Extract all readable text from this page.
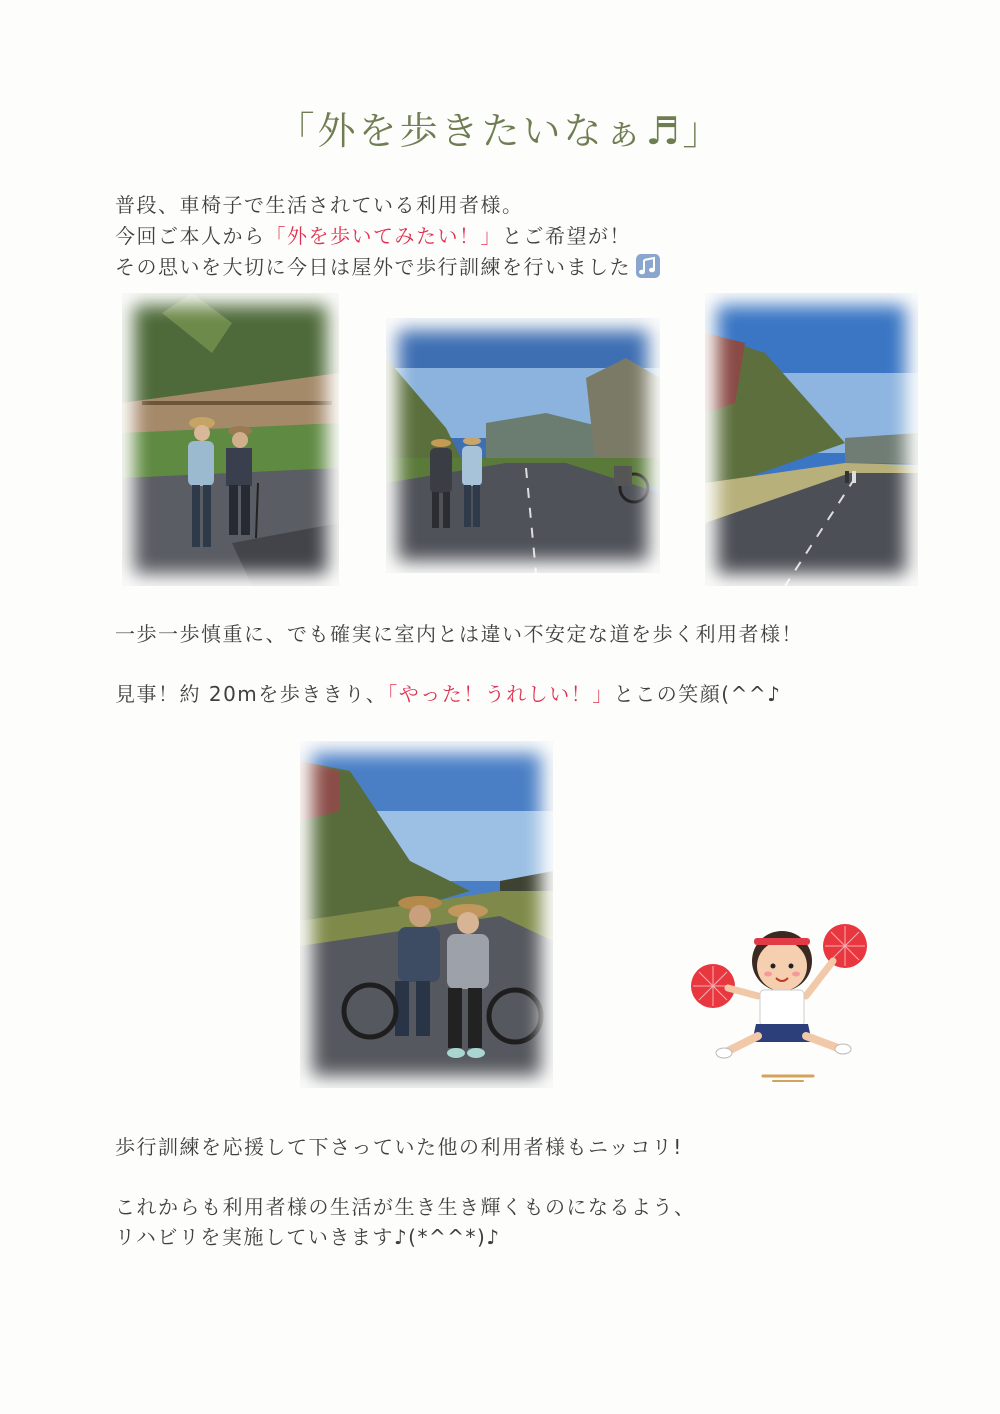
「外を歩きたいなぁ♬」
普段、車椅子で生活されている利用者様。
今回ご本人から「外を歩いてみたい！」とご希望が！
その思いを大切に今日は屋外で歩行訓練を行いました
一歩一歩慎重に、でも確実に室内とは違い不安定な道を歩く利用者様！
見事！約 20mを歩ききり、「やった！うれしい！」とこの笑顔(^^♪
歩行訓練を応援して下さっていた他の利用者様もニッコリ!
これからも利用者様の生活が生き生き輝くものになるよう、
リハビリを実施していきます♪(*^^*)♪
